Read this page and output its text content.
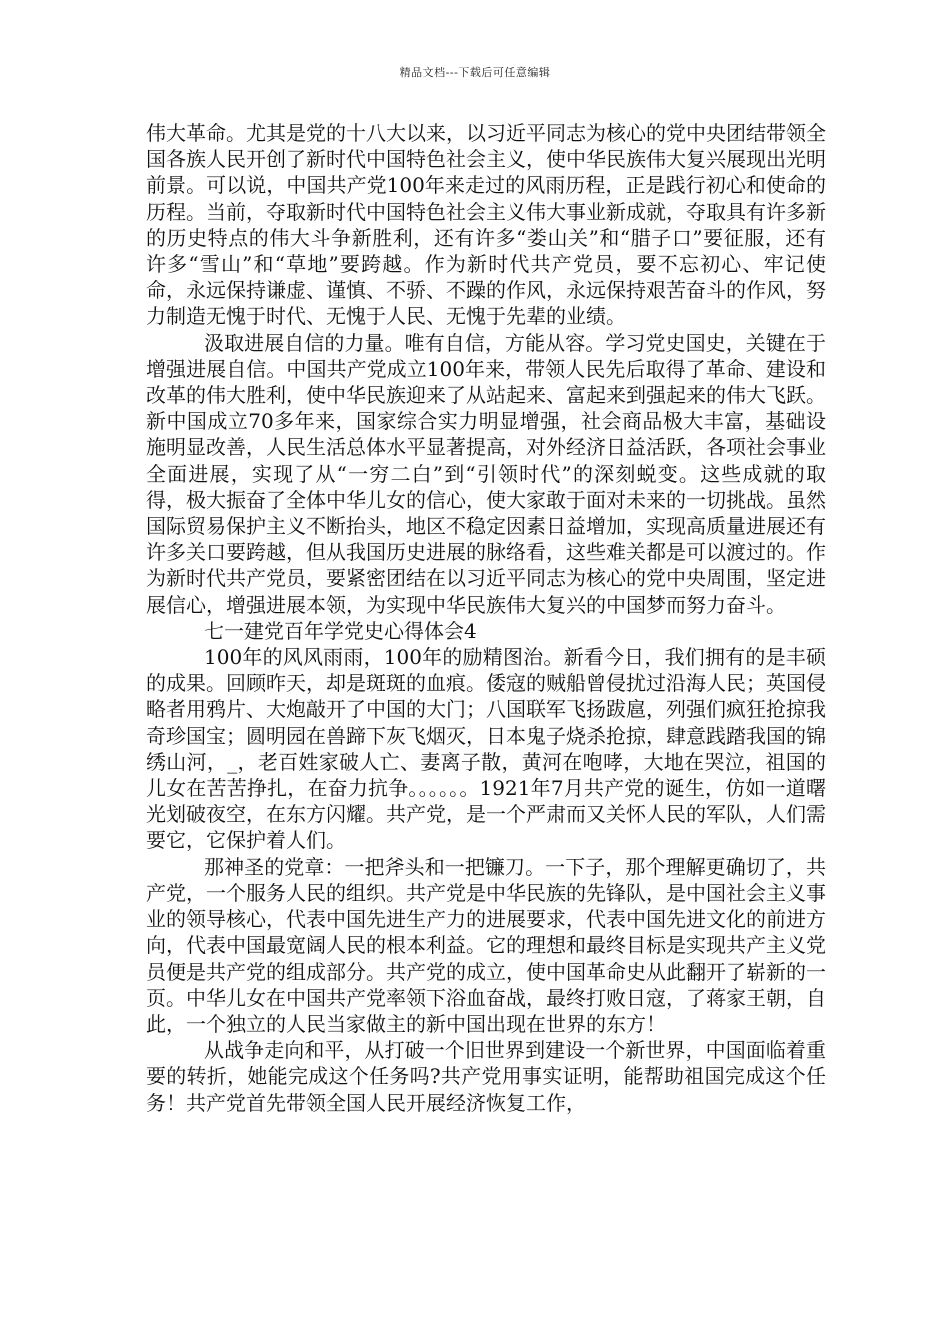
精品文档---下载后可任意编辑

伟大革命。尤其是党的十八大以来，以习近平同志为核心的党中央团结带领全国各族人民开创了新时代中国特色社会主义，使中华民族伟大复兴展现出光明前景。可以说，中国共产党100年来走过的风雨历程，正是践行初心和使命的历程。当前，夺取新时代中国特色社会主义伟大事业新成就，夺取具有许多新的历史特点的伟大斗争新胜利，还有许多“娄山关”和“腊子口”要征服，还有许多“雪山”和“草地”要跨越。作为新时代共产党员，要不忘初心、牢记使命，永远保持谦虚、谨慎、不骄、不躁的作风，永远保持艰苦奋斗的作风，努力制造无愧于时代、无愧于人民、无愧于先辈的业绩。

汲取进展自信的力量。唯有自信，方能从容。学习党史国史，关键在于增强进展自信。中国共产党成立100年来，带领人民先后取得了革命、建设和改革的伟大胜利，使中华民族迎来了从站起来、富起来到强起来的伟大飞跃。新中国成立70多年来，国家综合实力明显增强，社会商品极大丰富，基础设施明显改善，人民生活总体水平显著提高，对外经济日益活跃，各项社会事业全面进展，实现了从“一穷二白”到“引领时代”的深刻蜕变。这些成就的取得，极大振奋了全体中华儿女的信心，使大家敢于面对未来的一切挑战。虽然国际贸易保护主义不断抬头，地区不稳定因素日益增加，实现高质量进展还有许多关口要跨越，但从我国历史进展的脉络看，这些难关都是可以渡过的。作为新时代共产党员，要紧密团结在以习近平同志为核心的党中央周围，坚定进展信心，增强进展本领，为实现中华民族伟大复兴的中国梦而努力奋斗。

七一建党百年学党史心得体会4

100年的风风雨雨，100年的励精图治。新看今日，我们拥有的是丰硕的成果。回顾昨天，却是斑斑的血痕。倭寇的贼船曾侵扰过沿海人民；英国侵略者用鸦片、大炮敲开了中国的大门；八国联军飞扬跋扈，列强们疯狂抢掠我奇珍国宝；圆明园在兽蹄下灰飞烟灭，日本鬼子烧杀抢掠，肆意践踏我国的锦绣山河，_，老百姓家破人亡、妻离子散，黄河在咆哮，大地在哭泣，祖国的儿女在苦苦挣扎，在奋力抗争。。。。。。1921年7月共产党的诞生，仿如一道曙光划破夜空，在东方闪耀。共产党，是一个严肃而又关怀人民的军队，人们需要它，它保护着人们。

那神圣的党章：一把斧头和一把镰刀。一下子，那个理解更确切了，共产党，一个服务人民的组织。共产党是中华民族的先锋队，是中国社会主义事业的领导核心，代表中国先进生产力的进展要求，代表中国先进文化的前进方向，代表中国最宽阔人民的根本利益。它的理想和最终目标是实现共产主义党员便是共产党的组成部分。共产党的成立，使中国革命史从此翻开了崭新的一页。中华儿女在中国共产党率领下浴血奋战，最终打败日寇，了蒋家王朝，自此，一个独立的人民当家做主的新中国出现在世界的东方！

从战争走向和平，从打破一个旧世界到建设一个新世界，中国面临着重要的转折，她能完成这个任务吗?共产党用事实证明，能帮助祖国完成这个任务！共产党首先带领全国人民开展经济恢复工作，
